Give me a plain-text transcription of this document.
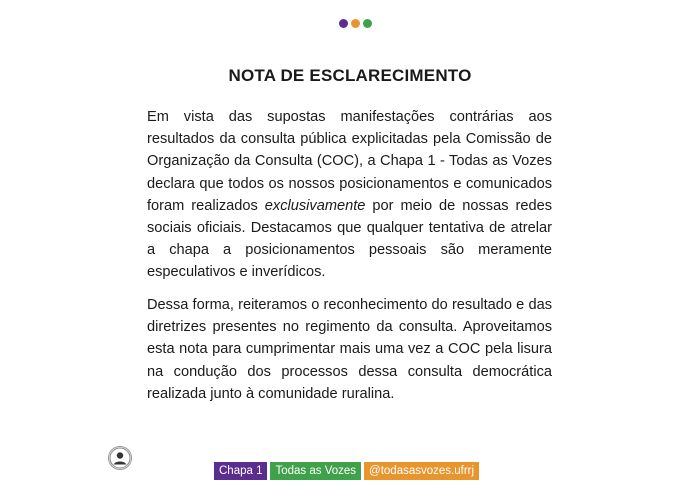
NOTA DE ESCLARECIMENTO

Em vista das supostas manifestações contrárias aos resultados da consulta pública explicitadas pela Comissão de Organização da Consulta (COC), a Chapa 1 - Todas as Vozes declara que todos os nossos posicionamentos e comunicados foram realizados exclusivamente por meio de nossas redes sociais oficiais. Destacamos que qualquer tentativa de atrelar a chapa a posicionamentos pessoais são meramente especulativos e inverídicos.

Dessa forma, reiteramos o reconhecimento do resultado e das diretrizes presentes no regimento da consulta. Aproveitamos esta nota para cumprimentar mais uma vez a COC pela lisura na condução dos processos dessa consulta democrática realizada junto à comunidade ruralina.

Chapa 1	Todas as Vozes	@todasasvozes.ufrrj
